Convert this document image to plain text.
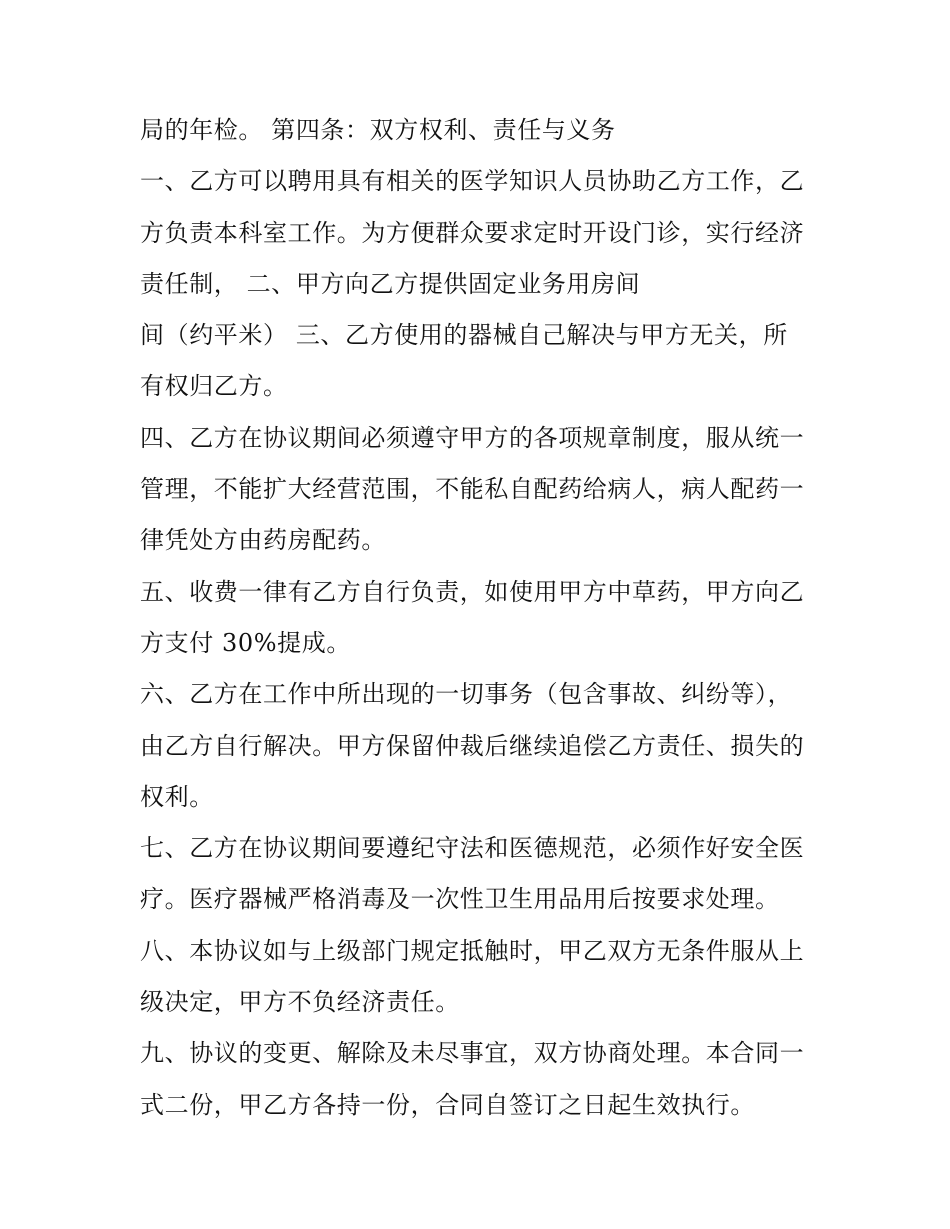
局的年检。 第四条：双方权利、责任与义务
一、乙方可以聘用具有相关的医学知识人员协助乙方工作，乙
方负责本科室工作。为方便群众要求定时开设门诊，实行经济
责任制， 二、甲方向乙方提供固定业务用房间
间（约平米） 三、乙方使用的器械自己解决与甲方无关，所
有权归乙方。
四、乙方在协议期间必须遵守甲方的各项规章制度，服从统一
管理，不能扩大经营范围，不能私自配药给病人，病人配药一
律凭处方由药房配药。
五、收费一律有乙方自行负责，如使用甲方中草药，甲方向乙
方支付 30%提成。
六、乙方在工作中所出现的一切事务（包含事故、纠纷等），
由乙方自行解决。甲方保留仲裁后继续追偿乙方责任、损失的
权利。
七、乙方在协议期间要遵纪守法和医德规范，必须作好安全医
疗。医疗器械严格消毒及一次性卫生用品用后按要求处理。
八、本协议如与上级部门规定抵触时，甲乙双方无条件服从上
级决定，甲方不负经济责任。
九、协议的变更、解除及未尽事宜，双方协商处理。本合同一
式二份，甲乙方各持一份，合同自签订之日起生效执行。
